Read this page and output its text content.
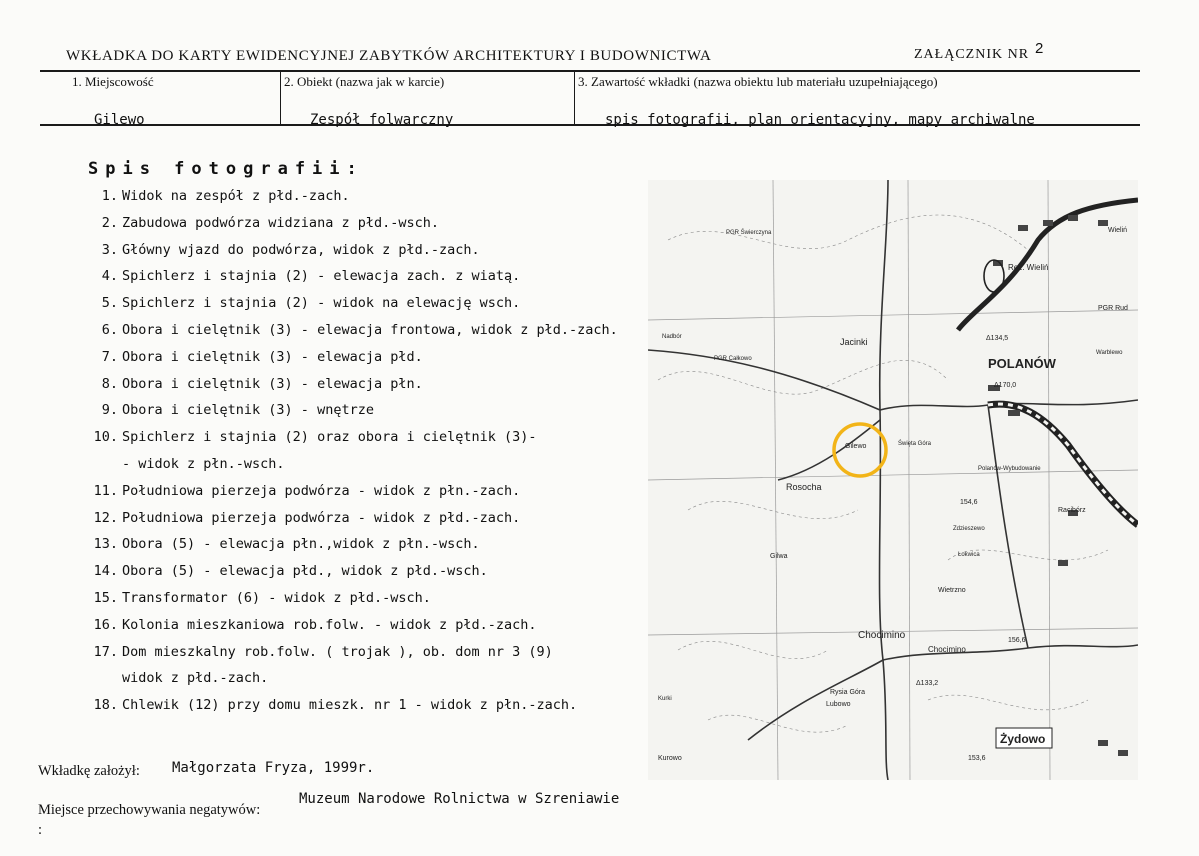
WKŁADKA DO KARTY EWIDENCYJNEJ ZABYTKÓW ARCHITEKTURY I BUDOWNICTWA	ZAŁĄCZNIK NR 2
1. Miejscowość	2. Obiekt (nazwa jak w karcie)	3. Zawartość wkładki (nazwa obiektu lub materiału uzupełniającego)
Gilewo	Zespół folwarczny	spis fotografii, plan orientacyjny, mapy archiwalne
Spis fotografii:
1. Widok na zespół z płd.-zach.
2. Zabudowa podwórza widziana z płd.-wsch.
3. Główny wjazd do podwórza, widok z płd.-zach.
4. Spichlerz i stajnia (2) - elewacja zach. z wiatą.
5. Spichlerz i stajnia (2) - widok na elewację wsch.
6. Obora i cielętnik (3) - elewacja frontowa, widok z płd.-zach.
7. Obora i cielętnik (3) - elewacja płd.
8. Obora i cielętnik (3) - elewacja płn.
9. Obora i cielętnik (3) - wnętrze
10. Spichlerz i stajnia (2) oraz obora i cielętnik (3)-
- widok z płn.-wsch.
11. Południowa pierzeja podwórza - widok z płn.-zach.
12. Południowa pierzeja podwórza - widok z płd.-zach.
13. Obora (5) - elewacja płn.,widok z płn.-wsch.
14. Obora (5) - elewacja płd., widok z płd.-wsch.
15. Transformator (6) - widok z płd.-wsch.
16. Kolonia mieszkaniowa rob.folw. - widok z płd.-zach.
17. Dom mieszkalny rob.folw. ( trojak ), ob. dom nr 3 (9)
widok z płd.-zach.
18. Chlewik (12) przy domu mieszk. nr 1 - widok z płn.-zach.
Wkładkę założył: Małgorzata Fryza, 1999r.
Miejsce przechowywania negatywów:
Muzeum Narodowe Rolnictwa w Szreniawie
:
POLANÓW
Jacinki
Rosocha
Gilewo
Chocimino
Chocimino
Żydowo
PGR Świerczyna
PGR Całkowo
Rez. Wieliń
Wieliń
Warblewo
PGR Rud
Nadbór
Święta Góra
Polanów-Wybudowanie
Gilwa
Rysia Góra
Lubowo
Kurowo
Kurki
Wietrzno
Racibórz
Łokwica
Zdzieszewo
Δ170,0
Δ134,5
154,6
Δ133,2
156,6
153,6
